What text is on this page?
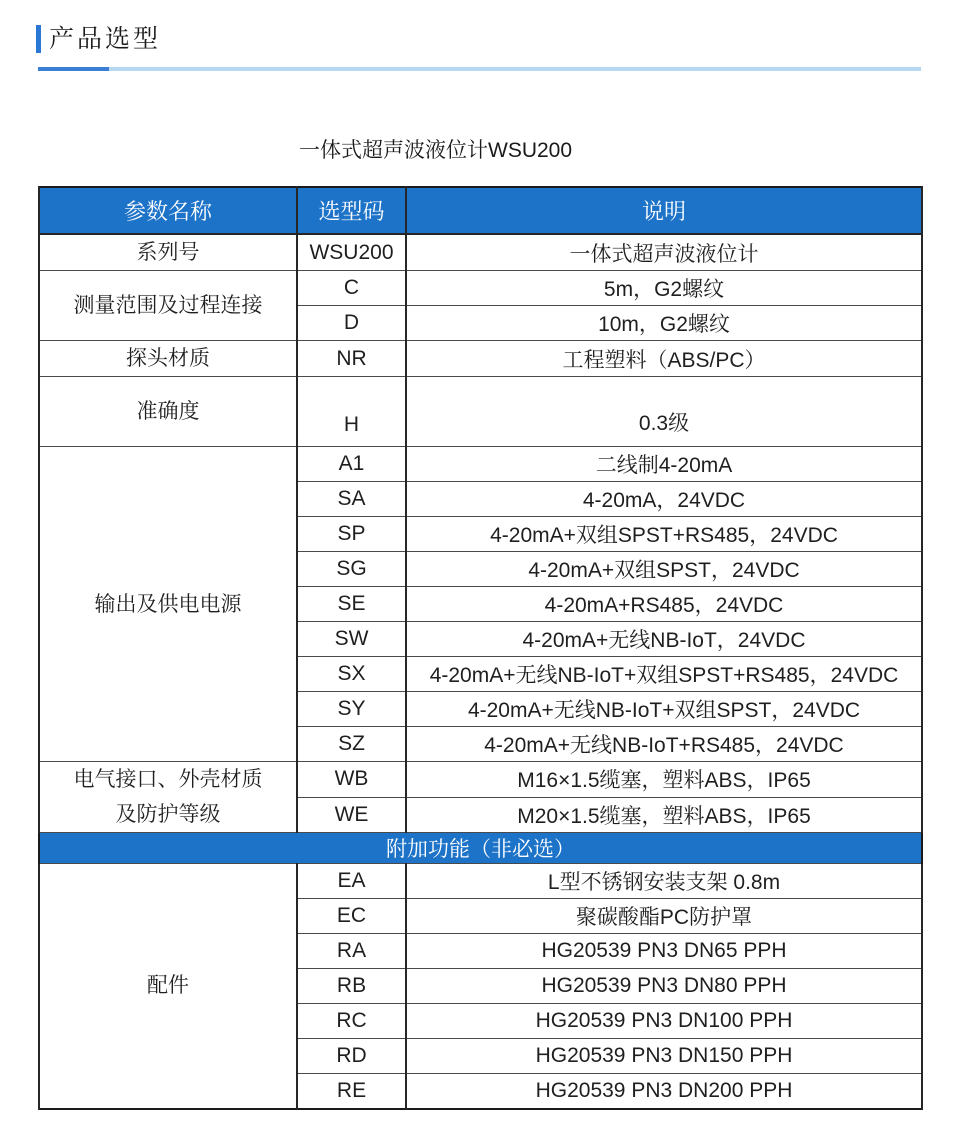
产品选型
一体式超声波液位计WSU200
参数名称	选型码	说明
系列号	WSU200	一体式超声波液位计
测量范围及过程连接	C	5m，G2螺纹
	D	10m，G2螺纹
探头材质	NR	工程塑料（ABS/PC）
准确度	H	0.3级
输出及供电电源	A1	二线制4-20mA
	SA	4-20mA，24VDC
	SP	4-20mA+双组SPST+RS485，24VDC
	SG	4-20mA+双组SPST，24VDC
	SE	4-20mA+RS485，24VDC
	SW	4-20mA+无线NB-IoT，24VDC
	SX	4-20mA+无线NB-IoT+双组SPST+RS485，24VDC
	SY	4-20mA+无线NB-IoT+双组SPST，24VDC
	SZ	4-20mA+无线NB-IoT+RS485，24VDC

电气接口、外壳材质
及防护等级	WB	M16×1.5缆塞，塑料ABS，IP65
	WE	M20×1.5缆塞，塑料ABS，IP65
附加功能（非必选）		
配件	EA	L型不锈钢安装支架 0.8m
	EC	聚碳酸酯PC防护罩
	RA	HG20539 PN3 DN65 PPH
	RB	HG20539 PN3 DN80 PPH
	RC	HG20539 PN3 DN100 PPH
	RD	HG20539 PN3 DN150 PPH
	RE	HG20539 PN3 DN200 PPH
